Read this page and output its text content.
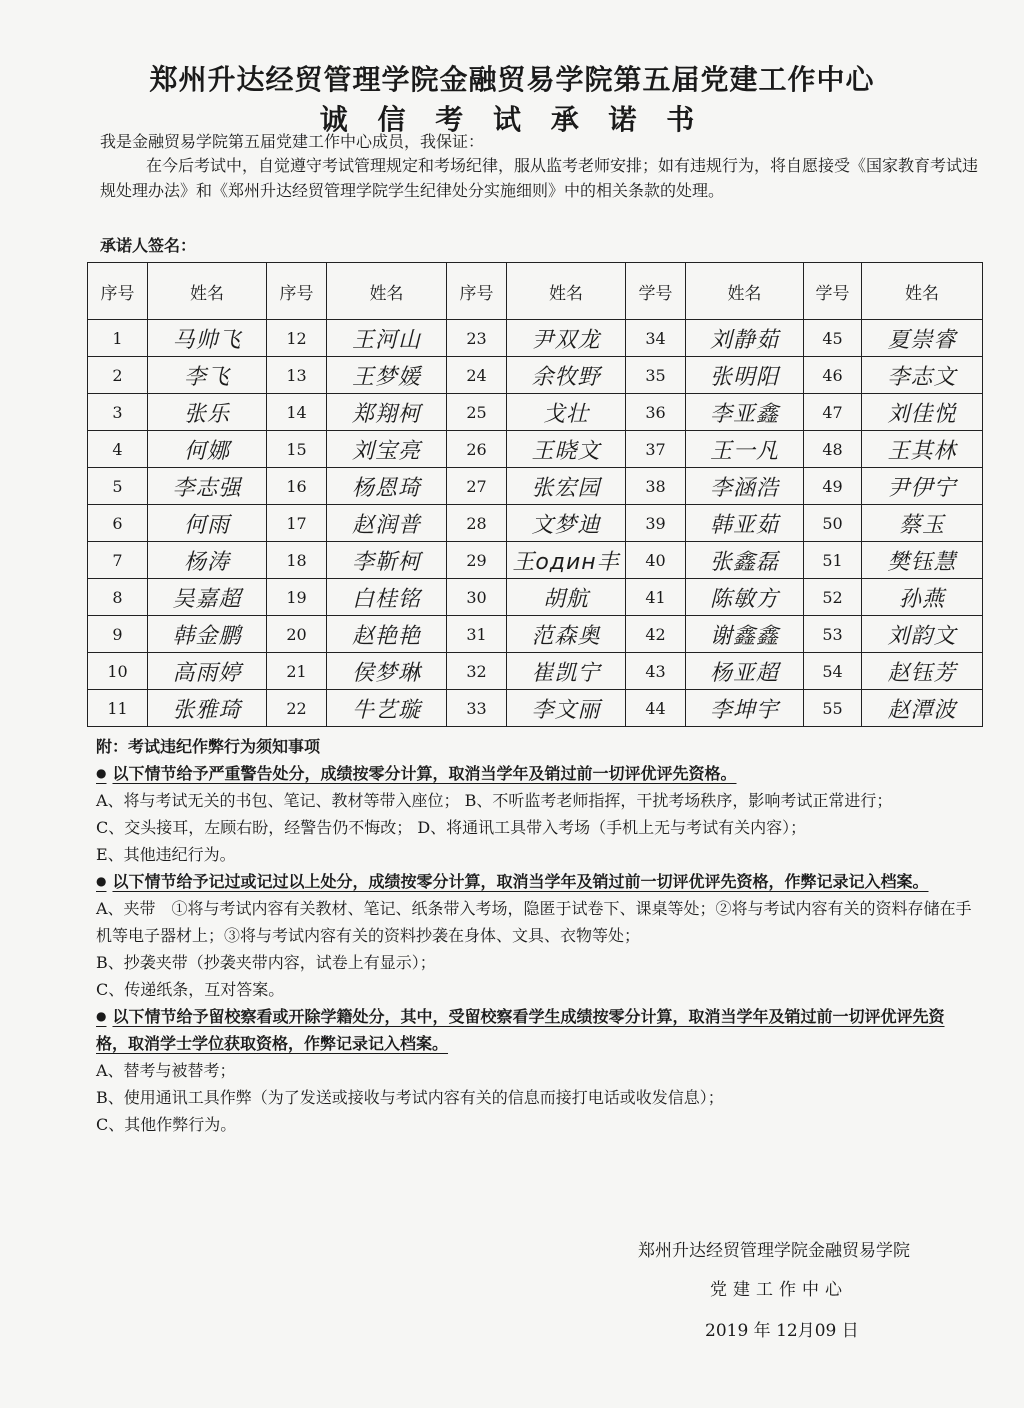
郑州升达经贸管理学院金融贸易学院第五届党建工作中心
诚 信 考 试 承 诺 书
我是金融贸易学院第五届党建工作中心成员，我保证：
在今后考试中，自觉遵守考试管理规定和考场纪律，服从监考老师安排；如有违规行为，将自愿接受《国家教育考试违规处理办法》和《郑州升达经贸管理学院学生纪律处分实施细则》中的相关条款的处理。
承诺人签名：
序号	姓名	序号	姓名	序号	姓名	学号	姓名	学号	姓名
1	马帅飞	12	王河山	23	尹双龙	34	刘静茹	45	夏崇睿
2	李飞	13	王梦媛	24	余牧野	35	张明阳	46	李志文
3	张乐	14	郑翔柯	25	戈壮	36	李亚鑫	47	刘佳悦
4	何娜	15	刘宝亮	26	王晓文	37	王一凡	48	王其林
5	李志强	16	杨恩琦	27	张宏园	38	李涵浩	49	尹伊宁
6	何雨	17	赵润普	28	文梦迪	39	韩亚茹	50	蔡玉
7	杨涛	18	李靳柯	29	王один丰	40	张鑫磊	51	樊钰慧
8	吴嘉超	19	白桂铭	30	胡航	41	陈敏方	52	孙燕
9	韩金鹏	20	赵艳艳	31	范森奥	42	谢鑫鑫	53	刘韵文
10	高雨婷	21	侯梦琳	32	崔凯宁	43	杨亚超	54	赵钰芳
11	张雅琦	22	牛艺璇	33	李文丽	44	李坤宇	55	赵潭波
附：考试违纪作弊行为须知事项
● 以下情节给予严重警告处分，成绩按零分计算，取消当学年及销过前一切评优评先资格。
A、将与考试无关的书包、笔记、教材等带入座位； B、不听监考老师指挥，干扰考场秩序，影响考试正常进行；
C、交头接耳，左顾右盼，经警告仍不悔改； D、将通讯工具带入考场（手机上无与考试有关内容）；
E、其他违纪行为。
● 以下情节给予记过或记过以上处分，成绩按零分计算，取消当学年及销过前一切评优评先资格，作弊记录记入档案。
A、夹带　①将与考试内容有关教材、笔记、纸条带入考场，隐匿于试卷下、课桌等处；②将与考试内容有关的资料存储在手机等电子器材上；③将与考试内容有关的资料抄袭在身体、文具、衣物等处；
B、抄袭夹带（抄袭夹带内容，试卷上有显示）；
C、传递纸条，互对答案。
● 以下情节给予留校察看或开除学籍处分，其中，受留校察看学生成绩按零分计算，取消当学年及销过前一切评优评先资格，取消学士学位获取资格，作弊记录记入档案。
A、替考与被替考；
B、使用通讯工具作弊（为了发送或接收与考试内容有关的信息而接打电话或收发信息）；
C、其他作弊行为。
郑州升达经贸管理学院金融贸易学院
党建工作中心
2019 年 12月09 日
